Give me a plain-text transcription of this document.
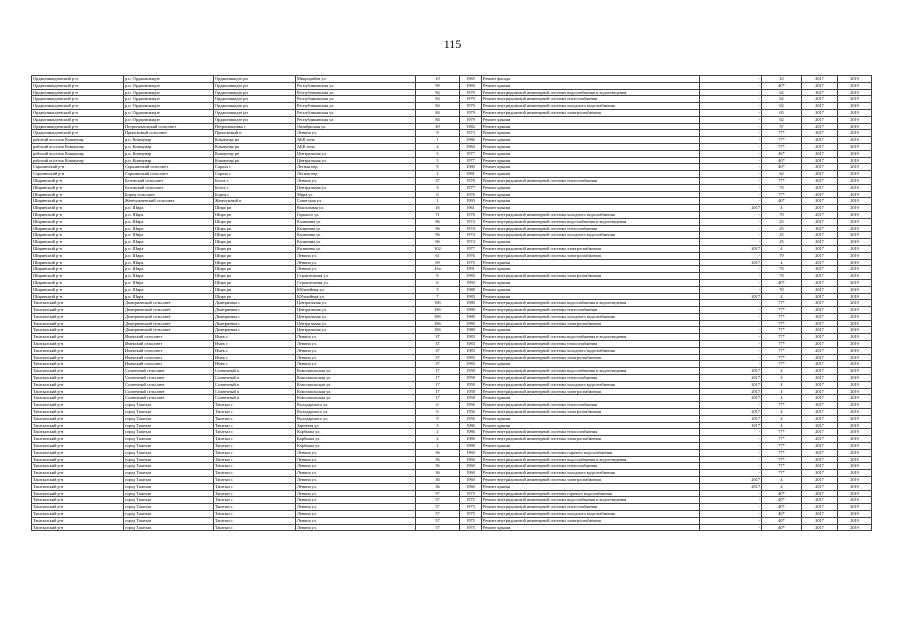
115
Орджоникидзевский р-н	р.п. Орджоникидзе	Орджоникидзе рп	Микрорайон ул.	19	1965	Ремонт фасада	-	25	2017	2019
Орджоникидзевский р-н	р.п. Орджоникидзе	Орджоникидзе рп	Республиканская ул.	99	1969	Ремонт крыши	-	40*	2017	2019
Орджоникидзевский р-н	р.п. Орджоникидзе	Орджоникидзе рп	Республиканская ул.	84	1979	Ремонт внутридомовой инженерной системы водоснабжения и водоотведения	-	62	2017	2019
Орджоникидзевский р-н	р.п. Орджоникидзе	Орджоникидзе рп	Республиканская ул.	84	1979	Ремонт внутридомовой инженерной системы теплоснабжения	-	62	2017	2019
Орджоникидзевский р-н	р.п. Орджоникидзе	Орджоникидзе рп	Республиканская ул.	84	1979	Ремонт внутридомовой инженерной системы холодного водоснабжения	-	62	2017	2019
Орджоникидзевский р-н	р.п. Орджоникидзе	Орджоникидзе рп	Республиканская ул.	84	1979	Ремонт внутридомовой инженерной системы электроснабжения	-	65	2017	2019
Орджоникидзевский р-н	р.п. Орджоникидзе	Орджоникидзе рп	Республиканская ул.	84	1979	Ремонт крыши	-	62	2017	2019
Орджоникидзевский р-н	Петропавловский сельсовет	Петропавловка с	Октябрьская ул.	49	1982	Ремонт крыши	-	57	2017	2019
Орджоникидзевский р-н	Приисковый сельсовет	Приисковый п	Ленина ул.	9	1973	Ремонт крыши	-	77*	2017	2019
рабочий поселок Коммунар	р.п. Коммунар	Коммунар рп	АБК зона	1	1986	Ремонт крыши	-	77*	2017	2019
рабочий поселок Коммунар	р.п. Коммунар	Коммунар рп	АБК зона	2	1984	Ремонт крыши	-	77*	2017	2019
рабочий поселок Коммунар	р.п. Коммунар	Коммунар рп	Центральная ул.	3	1977	Ремонт крыши	-	46*	2017	2019
рабочий поселок Коммунар	р.п. Коммунар	Коммунар рп	Центральная ул.	5	1977	Ремонт крыши	-	40*	2017	2019
Саралинский р-н	Саралинский сельсовет	Сарала с	Лесная пер.	9	1980	Ремонт крыши	-	40*	2017	2019
Саралинский р-н	Саралинский сельсовет	Сарала с	Лесная пер.	2	1981	Ремонт крыши	-	62	2017	2019
Ширинский р-н	Беловский сельсовет	Белое с	Ленина ул.	37	1978	Ремонт внутридомовой инженерной системы теплоснабжения	-	77*	2017	2019
Ширинский р-н	Беловский сельсовет	Белое с	Центральная ул.	3	1977	Ремонт крыши	-	70	2017	2019
Ширинский р-н	Борец сельсовет	Борец с	Мира ул.	6	1976	Ремонт крыши	-	77*	2017	2019
Ширинский р-н	Жемчужненский сельсовет	Жемчужный п	Советская ул.	1	1993	Ремонт крыши	-	40*	2017	2019
Ширинский р-н	р.п. Шира	Шира рп	Вокзальная ул.	16	1961	Ремонт крыши	2017	4	2017	2019
Ширинский р-н	р.п. Шира	Шира рп	Горького ул.	71	1978	Ремонт внутридомовой инженерной системы холодного водоснабжения	-	70	2017	2019
Ширинский р-н	р.п. Шира	Шира рп	Калинина ул.	86	1974	Ремонт внутридомовой инженерной системы водоснабжения и водоотведения	-	25	2017	2019
Ширинский р-н	р.п. Шира	Шира рп	Калинина ул.	96	1974	Ремонт внутридомовой инженерной системы теплоснабжения	-	25	2017	2019
Ширинский р-н	р.п. Шира	Шира рп	Калинина ул.	96	1974	Ремонт внутридомовой инженерной системы холодного водоснабжения	-	25	2017	2019
Ширинский р-н	р.п. Шира	Шира рп	Калинина ул.	96	1974	Ремонт крыши	-	25	2017	2019
Ширинский р-н	р.п. Шира	Шира рп	Калинина ул.	102	1977	Ремонт внутридомовой инженерной системы электроснабжения	2017	4	2017	2019
Ширинский р-н	р.п. Шира	Шира рп	Ленина ул.	61	1976	Ремонт внутридомовой инженерной системы электроснабжения	-	70	2017	2019
Ширинский р-н	р.п. Шира	Шира рп	Ленина ул.	69	1975	Ремонт крыши	2017	4	2017	2019
Ширинский р-н	р.п. Шира	Шира рп	Ленина ул.	43а	1991	Ремонт крыши	-	70	2017	2019
Ширинский р-н	р.п. Шира	Шира рп	Строительная ул.	8	1983	Ремонт внутридомовой инженерной системы электроснабжения	-	70	2017	2019
Ширинский р-н	р.п. Шира	Шира рп	Строительная ул.	6	1993	Ремонт крыши	-	40*	2017	2019
Ширинский р-н	р.п. Шира	Шира рп	Юбилейная ул.	5	1988	Ремонт крыши	-	70	2017	2019
Ширинский р-н	р.п. Шира	Шира рп	Юбилейная ул.	7	1983	Ремонт крыши	2017	4	2017	2019
Таштыпский р-н	Дмитриевский сельсовет	Дмитриевка с	Центральная ул.	18б	1980	Ремонт внутридомовой инженерной системы водоснабжения и водоотведения	-	77*	2017	2019
Таштыпский р-н	Дмитриевский сельсовет	Дмитриевка с	Центральная ул.	18б	1980	Ремонт внутридомовой инженерной системы теплоснабжения	-	77*	2017	2019
Таштыпский р-н	Дмитриевский сельсовет	Дмитриевка с	Центральная ул.	18б	1980	Ремонт внутридомовой инженерной системы холодного водоснабжения	-	77*	2017	2019
Таштыпский р-н	Дмитриевский сельсовет	Дмитриевка с	Центральная ул.	18б	1980	Ремонт внутридомовой инженерной системы электроснабжения	-	77*	2017	2019
Таштыпский р-н	Дмитриевский сельсовет	Дмитриевка с	Центральная ул.	18б	1980	Ремонт крыши	-	77*	2017	2019
Таштыпский р-н	Имекский сельсовет	Имек с	Ленина ул.	37	1983	Ремонт внутридомовой инженерной системы водоснабжения и водоотведения	-	77*	2017	2019
Таштыпский р-н	Имекский сельсовет	Имек с	Ленина ул.	37	1983	Ремонт внутридомовой инженерной системы теплоснабжения	-	77*	2017	2019
Таштыпский р-н	Имекский сельсовет	Имек с	Ленина ул.	37	1983	Ремонт внутридомовой инженерной системы холодного водоснабжения	-	77*	2017	2019
Таштыпский р-н	Имекский сельсовет	Имек с	Ленина ул.	37	1983	Ремонт внутридомовой инженерной системы электроснабжения	-	77*	2017	2019
Таштыпский р-н	Имекский сельсовет	Имек с	Ленина ул.	37	1983	Ремонт крыши	-	77*	2017	2019
Таштыпский р-н	Солнечный сельсовет	Солнечный п	Комсомольская ул.	17	1958	Ремонт внутридомовой инженерной системы водоснабжения и водоотведения	2017	4	2017	2019
Таштыпский р-н	Солнечный сельсовет	Солнечный п	Комсомольская ул.	17	1958	Ремонт внутридомовой инженерной системы теплоснабжения	2017	4	2017	2019
Таштыпский р-н	Солнечный сельсовет	Солнечный п	Комсомольская ул.	17	1958	Ремонт внутридомовой инженерной системы холодного водоснабжения	2017	4	2017	2019
Таштыпский р-н	Солнечный сельсовет	Солнечный п	Комсомольская ул.	17	1958	Ремонт внутридомовой инженерной системы электроснабжения	2017	4	2017	2019
Таштыпский р-н	Солнечный сельсовет	Солнечный п	Комсомольская ул.	17	1958	Ремонт крыши	2017	4	2017	2019
Таштыпский р-н	город Таштып	Таштып с	Володарского ул.	6	1956	Ремонт внутридомовой инженерной системы теплоснабжения	-	77*	2017	2019
Таштыпский р-н	город Таштып	Таштып с	Володарского ул.	6	1956	Ремонт внутридомовой инженерной системы электроснабжения	2017	4	2017	2019
Таштыпский р-н	город Таштып	Таштып с	Володарского ул.	9	1956	Ремонт крыши	2017	4	2017	2019
Таштыпский р-н	город Таштып	Таштып с	Заречная ул.	3	1986	Ремонт крыши	2017	4	2017	2019
Таштыпский р-н	город Таштып	Таштып с	Карбыша ул.	2	1986	Ремонт внутридомовой инженерной системы теплоснабжения	-	77*	2017	2019
Таштыпский р-н	город Таштып	Таштып с	Карбыша ул.	2	1986	Ремонт внутридомовой инженерной системы электроснабжения	-	77*	2017	2019
Таштыпский р-н	город Таштып	Таштып с	Карбыша ул.	2	1988	Ремонт крыши	-	77*	2017	2019
Таштыпский р-н	город Таштып	Таштып с	Ленина ул.	36	1960	Ремонт внутридомовой инженерной системы горячего водоснабжения	-	77*	2017	2019
Таштыпский р-н	город Таштып	Таштып с	Ленина ул.	36	1960	Ремонт внутридомовой инженерной системы водоснабжения и водоотведения	-	77*	2017	2019
Таштыпский р-н	город Таштып	Таштып с	Ленина ул.	36	1960	Ремонт внутридомовой инженерной системы теплоснабжения	-	77*	2017	2019
Таштыпский р-н	город Таштып	Таштып с	Ленина ул.	36	1960	Ремонт внутридомовой инженерной системы холодного водоснабжения	-	77*	2017	2019
Таштыпский р-н	город Таштып	Таштып с	Ленина ул.	36	1960	Ремонт внутридомовой инженерной системы электроснабжения	2017	4	2017	2019
Таштыпский р-н	город Таштып	Таштып с	Ленина ул.	36	1960	Ремонт крыши	2017	4	2017	2019
Таштыпский р-н	город Таштып	Таштып с	Ленина ул.	57	1975	Ремонт внутридомовой инженерной системы горячего водоснабжения	-	40*	2017	2019
Таштыпский р-н	город Таштып	Таштып с	Ленина ул.	57	1975	Ремонт внутридомовой инженерной системы водоснабжения и водоотведения	-	40*	2017	2019
Таштыпский р-н	город Таштып	Таштып с	Ленина ул.	57	1975	Ремонт внутридомовой инженерной системы теплоснабжения	-	40*	2017	2019
Таштыпский р-н	город Таштып	Таштып с	Ленина ул.	57	1975	Ремонт внутридомовой инженерной системы холодного водоснабжения	-	40*	2017	2019
Таштыпский р-н	город Таштып	Таштып с	Ленина ул.	57	1975	Ремонт внутридомовой инженерной системы электроснабжения	-	40*	2017	2019
Таштыпский р-н	город Таштып	Таштып с	Ленина ул.	57	1975	Ремонт крыши	-	40*	2017	2019
